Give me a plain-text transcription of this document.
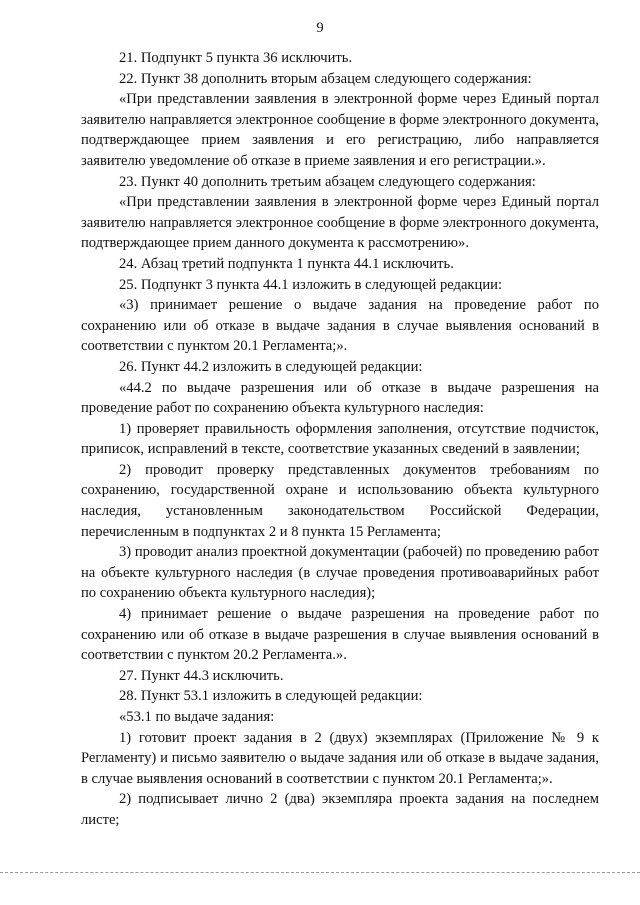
9

21. Подпункт 5 пункта 36 исключить.

22. Пункт 38 дополнить вторым абзацем следующего содержания:

«При представлении заявления в электронной форме через Единый портал заявителю направляется электронное сообщение в форме электронного документа, подтверждающее прием заявления и его регистрацию, либо направляется заявителю уведомление об отказе в приеме заявления и его регистрации.».

23. Пункт 40 дополнить третьим абзацем следующего содержания:

«При представлении заявления в электронной форме через Единый портал заявителю направляется электронное сообщение в форме электронного документа, подтверждающее прием данного документа к рассмотрению».

24. Абзац третий подпункта 1 пункта 44.1 исключить.

25. Подпункт 3 пункта 44.1 изложить в следующей редакции:

«3) принимает решение о выдаче задания на проведение работ по сохранению или об отказе в выдаче задания в случае выявления оснований в соответствии с пунктом 20.1 Регламента;».

26. Пункт 44.2 изложить в следующей редакции:

«44.2 по выдаче разрешения или об отказе в выдаче разрешения на проведение работ по сохранению объекта культурного наследия:

1) проверяет правильность оформления заполнения, отсутствие подчисток, приписок, исправлений в тексте, соответствие указанных сведений в заявлении;

2) проводит проверку представленных документов требованиям по сохранению, государственной охране и использованию объекта культурного наследия, установленным законодательством Российской Федерации, перечисленным в подпунктах 2 и 8 пункта 15 Регламента;

3) проводит анализ проектной документации (рабочей) по проведению работ на объекте культурного наследия (в случае проведения противоаварийных работ по сохранению объекта культурного наследия);

4) принимает решение о выдаче разрешения на проведение работ по сохранению или об отказе в выдаче разрешения в случае выявления оснований в соответствии с пунктом 20.2 Регламента.».

27. Пункт 44.3 исключить.

28. Пункт 53.1 изложить в следующей редакции:

«53.1 по выдаче задания:

1) готовит проект задания в 2 (двух) экземплярах (Приложение № 9 к Регламенту) и письмо заявителю о выдаче задания или об отказе в выдаче задания, в случае выявления оснований в соответствии с пунктом 20.1 Регламента;».

2) подписывает лично 2 (два) экземпляра проекта задания на последнем листе;
